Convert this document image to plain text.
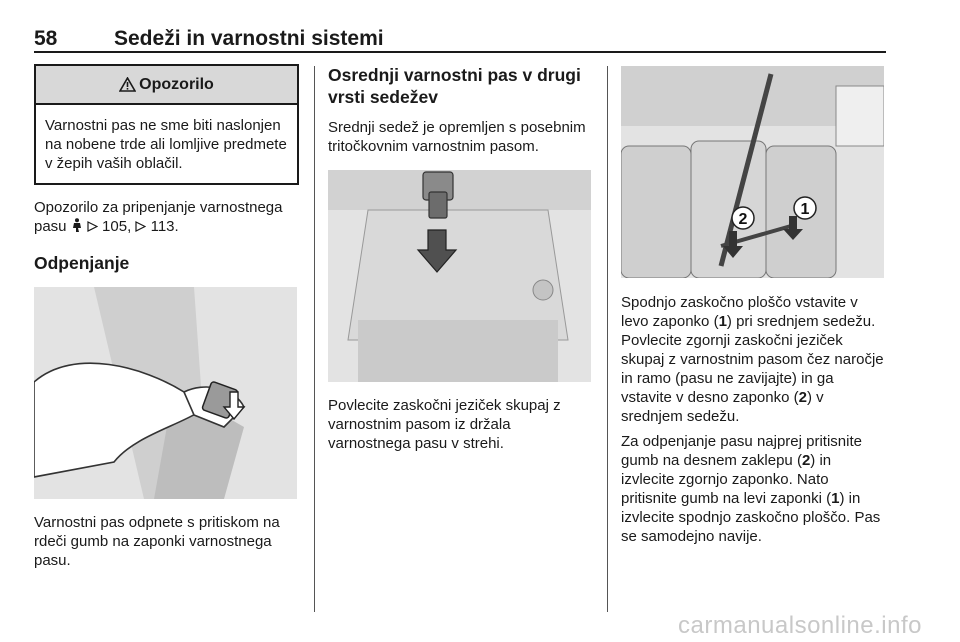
58	Sedeži in varnostni sistemi
Opozorilo
Varnostni pas ne sme biti naslonjen na nobene trde ali lomljive predmete v žepih vaših oblačil.

Opozorilo za pripenjanje varnostnega pasu 105,  113.

Odpenjanje

Varnostni pas odpnete s pritiskom na rdeči gumb na zaponki varnostnega pasu.

Osrednji varnostni pas v drugi vrsti sedežev

Srednji sedež je opremljen s posebnim tritočkovnim varnostnim pasom.

Povlecite zaskočni jeziček skupaj z varnostnim pasom iz držala varnostnega pasu v strehi.

2
1

Spodnjo zaskočno ploščo vstavite v levo zaponko (1) pri srednjem sedežu. Povlecite zgornji zaskočni jeziček skupaj z varnostnim pasom čez naročje in ramo (pasu ne zavijajte) in ga vstavite v desno zaponko (2) v srednjem sedežu.

Za odpenjanje pasu najprej pritisnite gumb na desnem zaklepu (2) in izvlecite zgornjo zaponko. Nato pritisnite gumb na levi zaponki (1) in izvlecite spodnjo zaskočno ploščo. Pas se samodejno navije.

carmanualsonline.info
